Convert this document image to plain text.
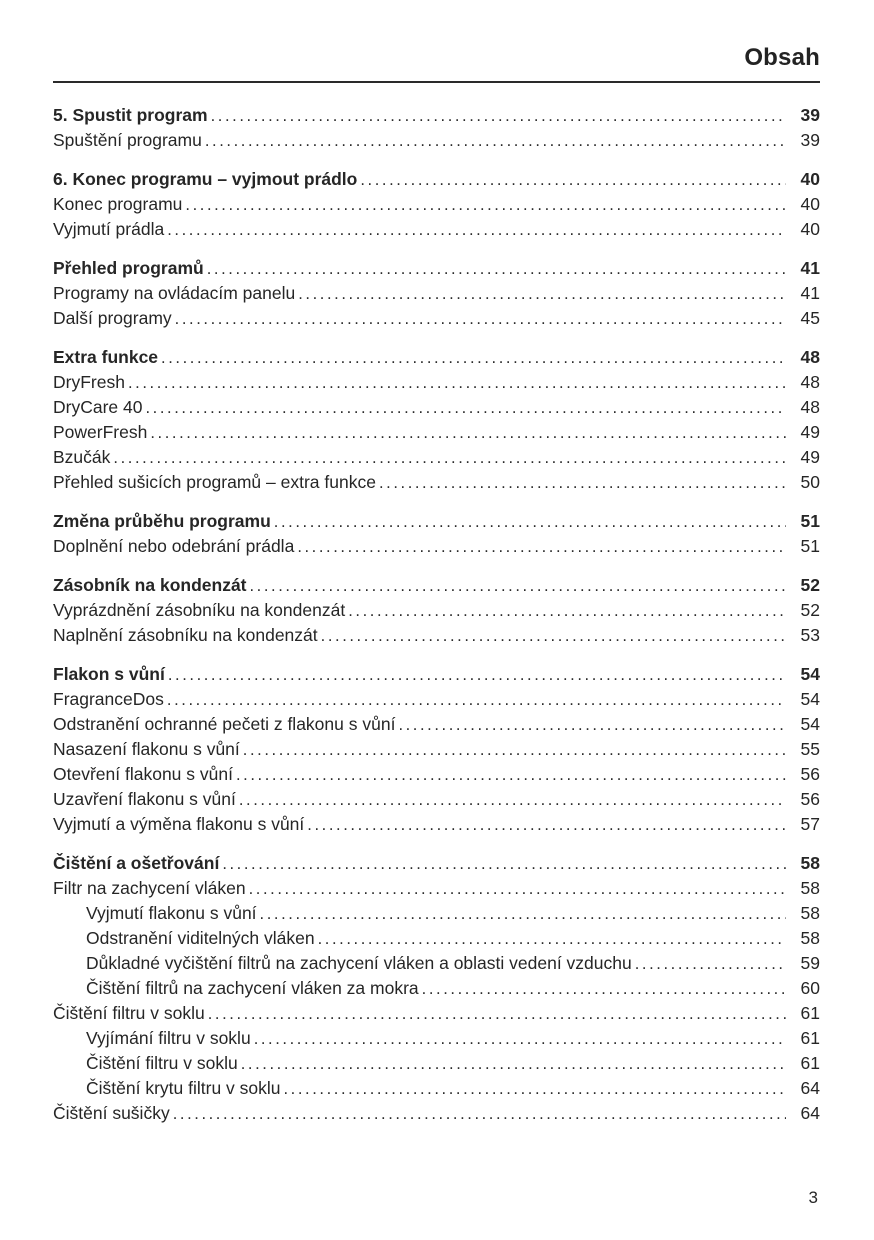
Obsah
5. Spustit program .....	39
Spuštění programu .....	39
6. Konec programu – vyjmout prádlo .....	40
Konec programu .....	40
Vyjmutí prádla .....	40
Přehled programů .....	41
Programy na ovládacím panelu .....	41
Další programy .....	45
Extra funkce .....	48
DryFresh .....	48
DryCare 40 .....	48
PowerFresh .....	49
Bzučák .....	49
Přehled sušicích programů – extra funkce .....	50
Změna průběhu programu .....	51
Doplnění nebo odebrání prádla .....	51
Zásobník na kondenzát .....	52
Vyprázdnění zásobníku na kondenzát .....	52
Naplnění zásobníku na kondenzát .....	53
Flakon s vůní .....	54
FragranceDos .....	54
Odstranění ochranné pečeti z flakonu s vůní .....	54
Nasazení flakonu s vůní .....	55
Otevření flakonu s vůní .....	56
Uzavření flakonu s vůní .....	56
Vyjmutí a výměna flakonu s vůní .....	57
Čištění a ošetřování .....	58
Filtr na zachycení vláken .....	58
Vyjmutí flakonu s vůní .....	58
Odstranění viditelných vláken .....	58
Důkladné vyčištění filtrů na zachycení vláken a oblasti vedení vzduchu .....	59
Čištění filtrů na zachycení vláken za mokra .....	60
Čištění filtru v soklu .....	61
Vyjímání filtru v soklu .....	61
Čištění filtru v soklu .....	61
Čištění krytu filtru v soklu .....	64
Čištění sušičky .....	64
3
